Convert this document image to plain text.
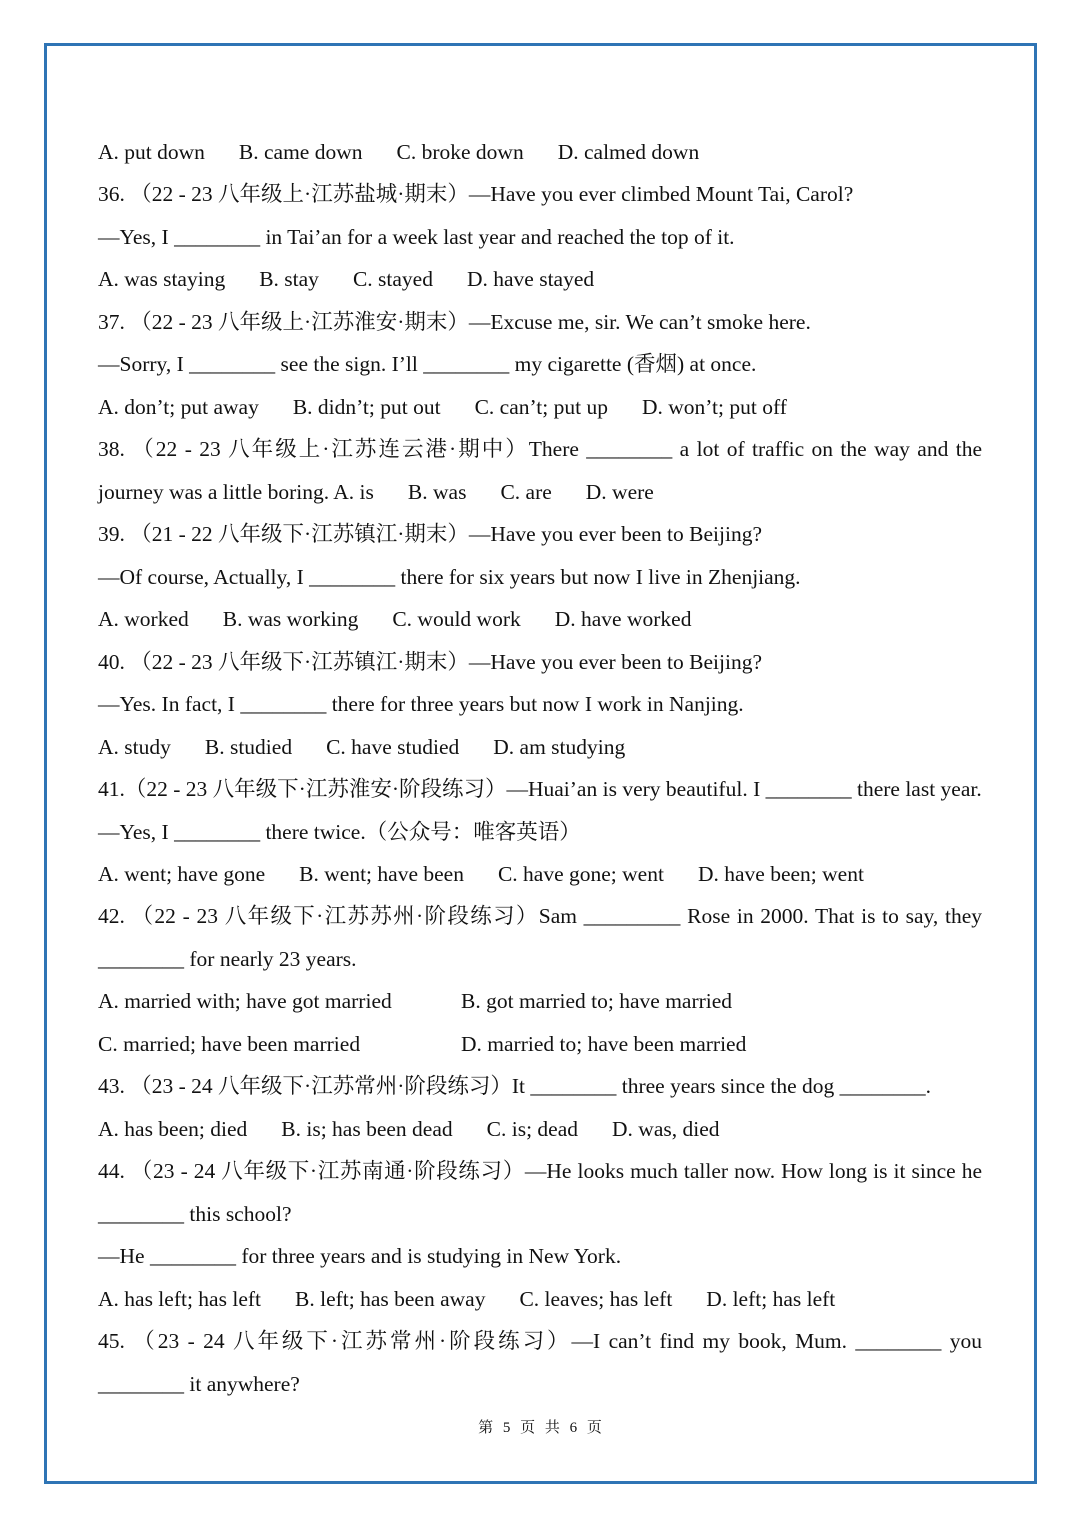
A. put down B. came down C. broke down D. calmed down
36. （22 - 23 八年级上·江苏盐城·期末）—Have you ever climbed Mount Tai, Carol?
—Yes, I ________ in Tai’an for a week last year and reached the top of it.
A. was staying B. stay C. stayed D. have stayed
37. （22 - 23 八年级上·江苏淮安·期末）—Excuse me, sir. We can’t smoke here.
—Sorry, I ________ see the sign. I’ll ________ my cigarette (香烟) at once.
A. don’t; put away B. didn’t; put out C. can’t; put up D. won’t; put off
38. （22 - 23 八年级上·江苏连云港·期中）There ________ a lot of traffic on the way and the
journey was a little boring. A. is B. was C. are D. were
39. （21 - 22 八年级下·江苏镇江·期末）—Have you ever been to Beijing?
—Of course, Actually, I ________ there for six years but now I live in Zhenjiang.
A. worked B. was working C. would work D. have worked
40. （22 - 23 八年级下·江苏镇江·期末）—Have you ever been to Beijing?
—Yes. In fact, I ________ there for three years but now I work in Nanjing.
A. study B. studied C. have studied D. am studying
41.（22 - 23 八年级下·江苏淮安·阶段练习）—Huai’an is very beautiful. I ________ there last year.
—Yes, I ________ there twice.（公众号：唯客英语）
A. went; have gone B. went; have been C. have gone; went D. have been; went
42. （22 - 23 八年级下·江苏苏州·阶段练习）Sam _________ Rose in 2000. That is to say, they
________ for nearly 23 years.
A. married with; have got married	B. got married to; have married
C. married; have been married	D. married to; have been married
43. （23 - 24 八年级下·江苏常州·阶段练习）It ________ three years since the dog ________.
A. has been; died B. is; has been dead C. is; dead D. was, died
44. （23 - 24 八年级下·江苏南通·阶段练习）—He looks much taller now. How long is it since he
________ this school?
—He ________ for three years and is studying in New York.
A. has left; has left B. left; has been away C. leaves; has left D. left; has left
45. （23 - 24 八年级下·江苏常州·阶段练习）—I can’t find my book, Mum. ________ you
________ it anywhere?
第 5 页 共 6 页
